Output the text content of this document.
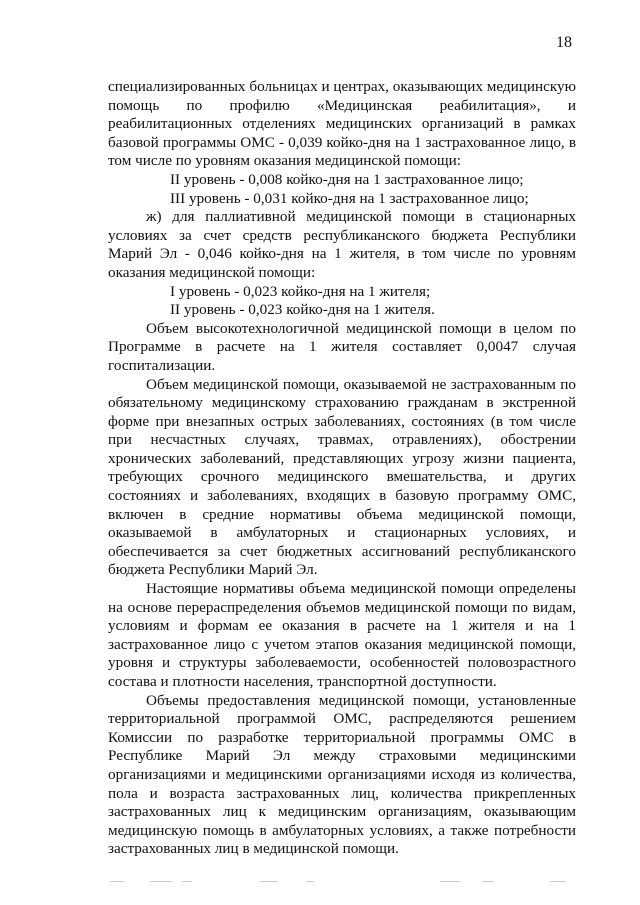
18

специализированных больницах и центрах, оказывающих медицинскую помощь по профилю «Медицинская реабилитация», и реабилитационных отделениях медицинских организаций в рамках базовой программы ОМС - 0,039 койко-дня на 1 застрахованное лицо, в том числе по уровням оказания медицинской помощи:

II уровень - 0,008 койко-дня на 1 застрахованное лицо;

III уровень - 0,031 койко-дня на 1 застрахованное лицо;

ж) для паллиативной медицинской помощи в стационарных условиях за счет средств республиканского бюджета Республики Марий Эл - 0,046 койко-дня на 1 жителя, в том числе по уровням оказания медицинской помощи:

I уровень - 0,023 койко-дня на 1 жителя;

II уровень - 0,023 койко-дня на 1 жителя.

Объем высокотехнологичной медицинской помощи в целом по Программе в расчете на 1 жителя составляет 0,0047 случая госпитализации.

Объем медицинской помощи, оказываемой не застрахованным по обязательному медицинскому страхованию гражданам в экстренной форме при внезапных острых заболеваниях, состояниях (в том числе при несчастных случаях, травмах, отравлениях), обострении хронических заболеваний, представляющих угрозу жизни пациента, требующих срочного медицинского вмешательства, и других состояниях и заболеваниях, входящих в базовую программу ОМС, включен в средние нормативы объема медицинской помощи, оказываемой в амбулаторных и стационарных условиях, и обеспечивается за счет бюджетных ассигнований республиканского бюджета Республики Марий Эл.

Настоящие нормативы объема медицинской помощи определены на основе перераспределения объемов медицинской помощи по видам, условиям и формам ее оказания в расчете на 1 жителя и на 1 застрахованное лицо с учетом этапов оказания медицинской помощи, уровня и структуры заболеваемости, особенностей половозрастного состава и плотности населения, транспортной доступности.

Объемы предоставления медицинской помощи, установленные территориальной программой ОМС, распределяются решением Комиссии по разработке территориальной программы ОМС в Республике Марий Эл между страховыми медицинскими организациями и медицинскими организациями исходя из количества, пола и возраста застрахованных лиц, количества прикрепленных застрахованных лиц к медицинским организациям, оказывающим медицинскую помощь в амбулаторных условиях, а также потребности застрахованных лиц в медицинской помощи.
